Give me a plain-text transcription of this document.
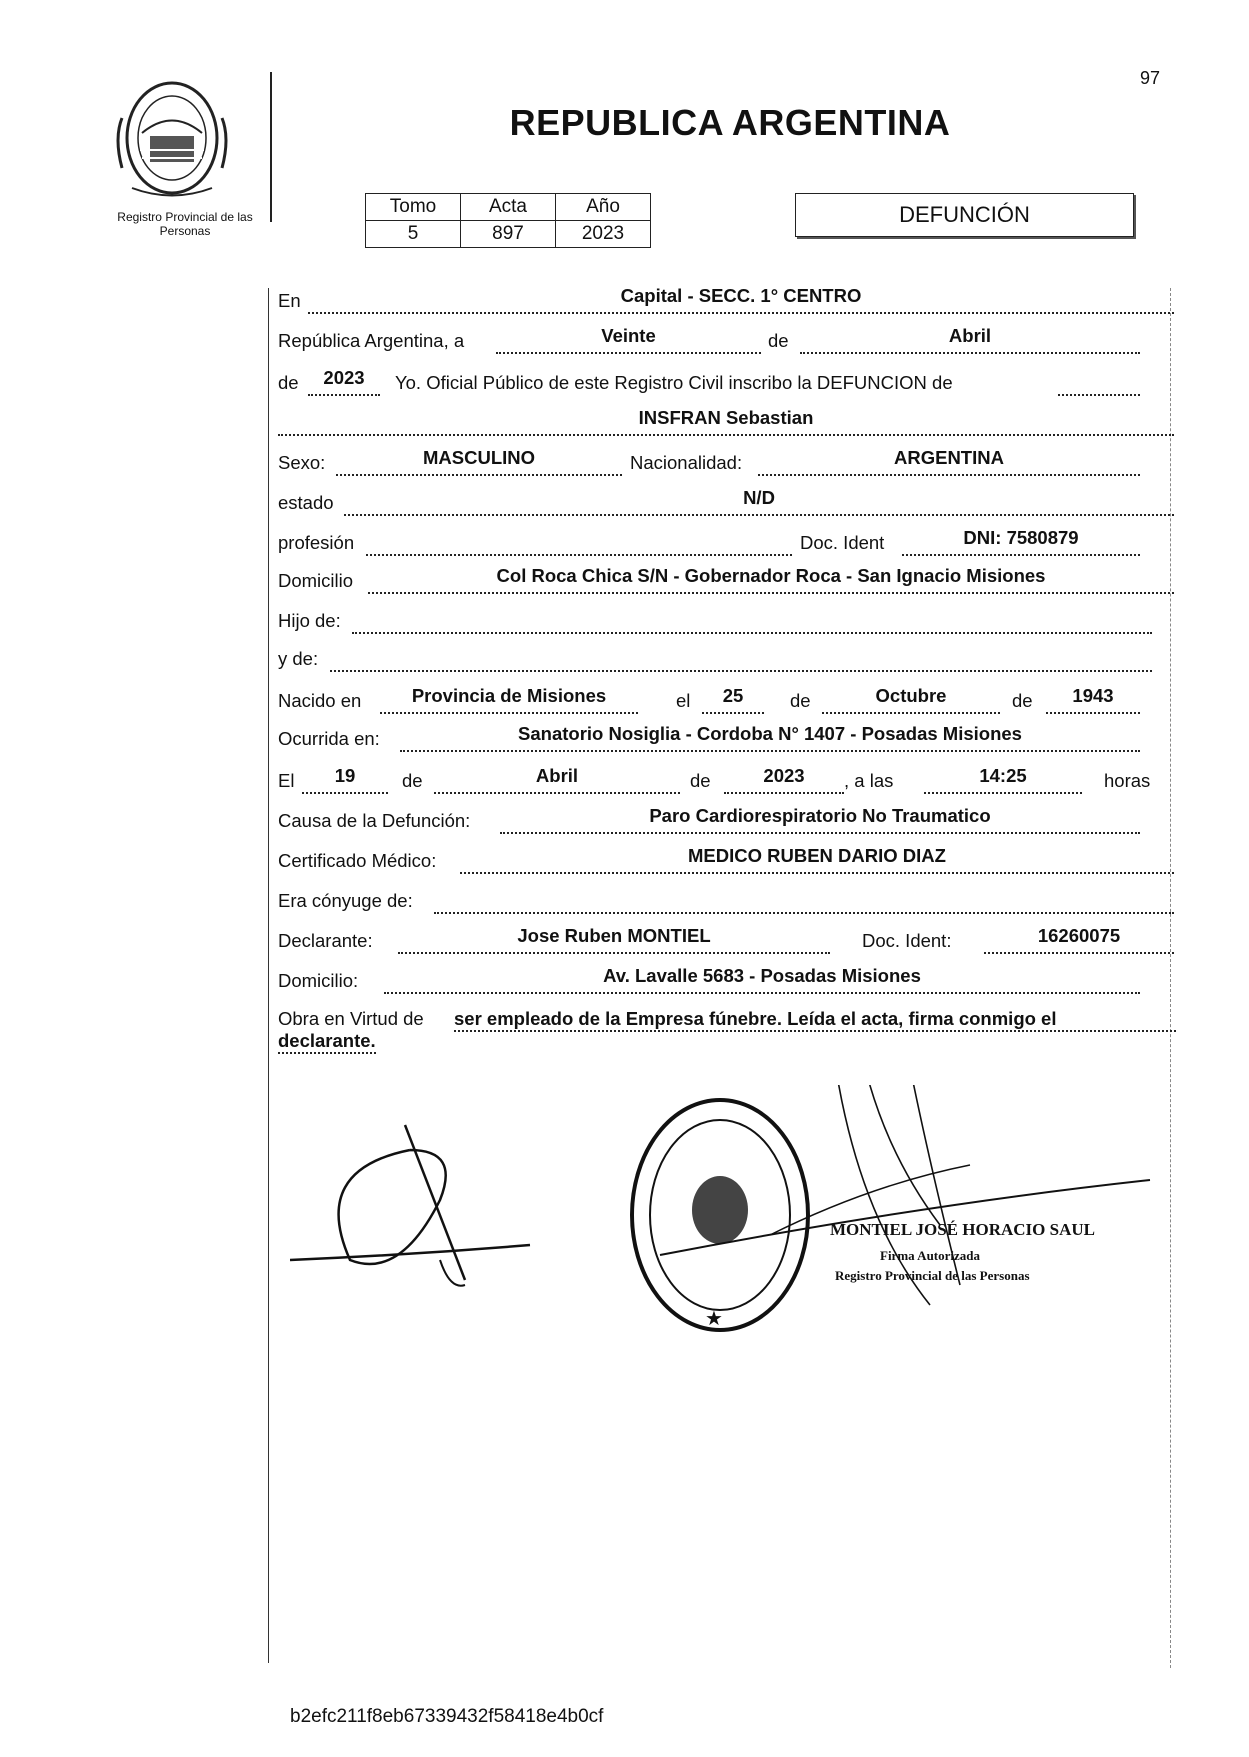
97
Registro Provincial de las Personas
REPUBLICA ARGENTINA
Tomo	Acta	Año
5	897	2023
DEFUNCIÓN
En	Capital - SECC. 1° CENTRO
República Argentina, a	Veinte	de	Abril
de	2023	Yo. Oficial Público de este Registro Civil inscribo la DEFUNCION de
INSFRAN Sebastian
Sexo:	MASCULINO	Nacionalidad:	ARGENTINA
estado	N/D
profesión	Doc. Ident	DNI: 7580879
Domicilio	Col Roca Chica S/N - Gobernador Roca - San Ignacio Misiones
Hijo de:
y de:
Nacido en	Provincia de Misiones	el	25	de	Octubre	de	1943
Ocurrida en:	Sanatorio Nosiglia - Cordoba N° 1407 - Posadas Misiones
El	19	de	Abril	de	2023	, a las	14:25	horas
Causa de la Defunción:	Paro Cardiorespiratorio No Traumatico
Certificado Médico:	MEDICO RUBEN DARIO DIAZ
Era cónyuge de:
Declarante:	Jose Ruben MONTIEL	Doc. Ident:	16260075
Domicilio:	Av. Lavalle 5683 - Posadas Misiones
Obra en Virtud de ser empleado de la Empresa fúnebre. Leída el acta, firma conmigo el
declarante.
★
MONTIEL JOSÉ HORACIO SAUL
Firma Autorizada
Registro Provincial de las Personas
b2efc211f8eb67339432f58418e4b0cf
